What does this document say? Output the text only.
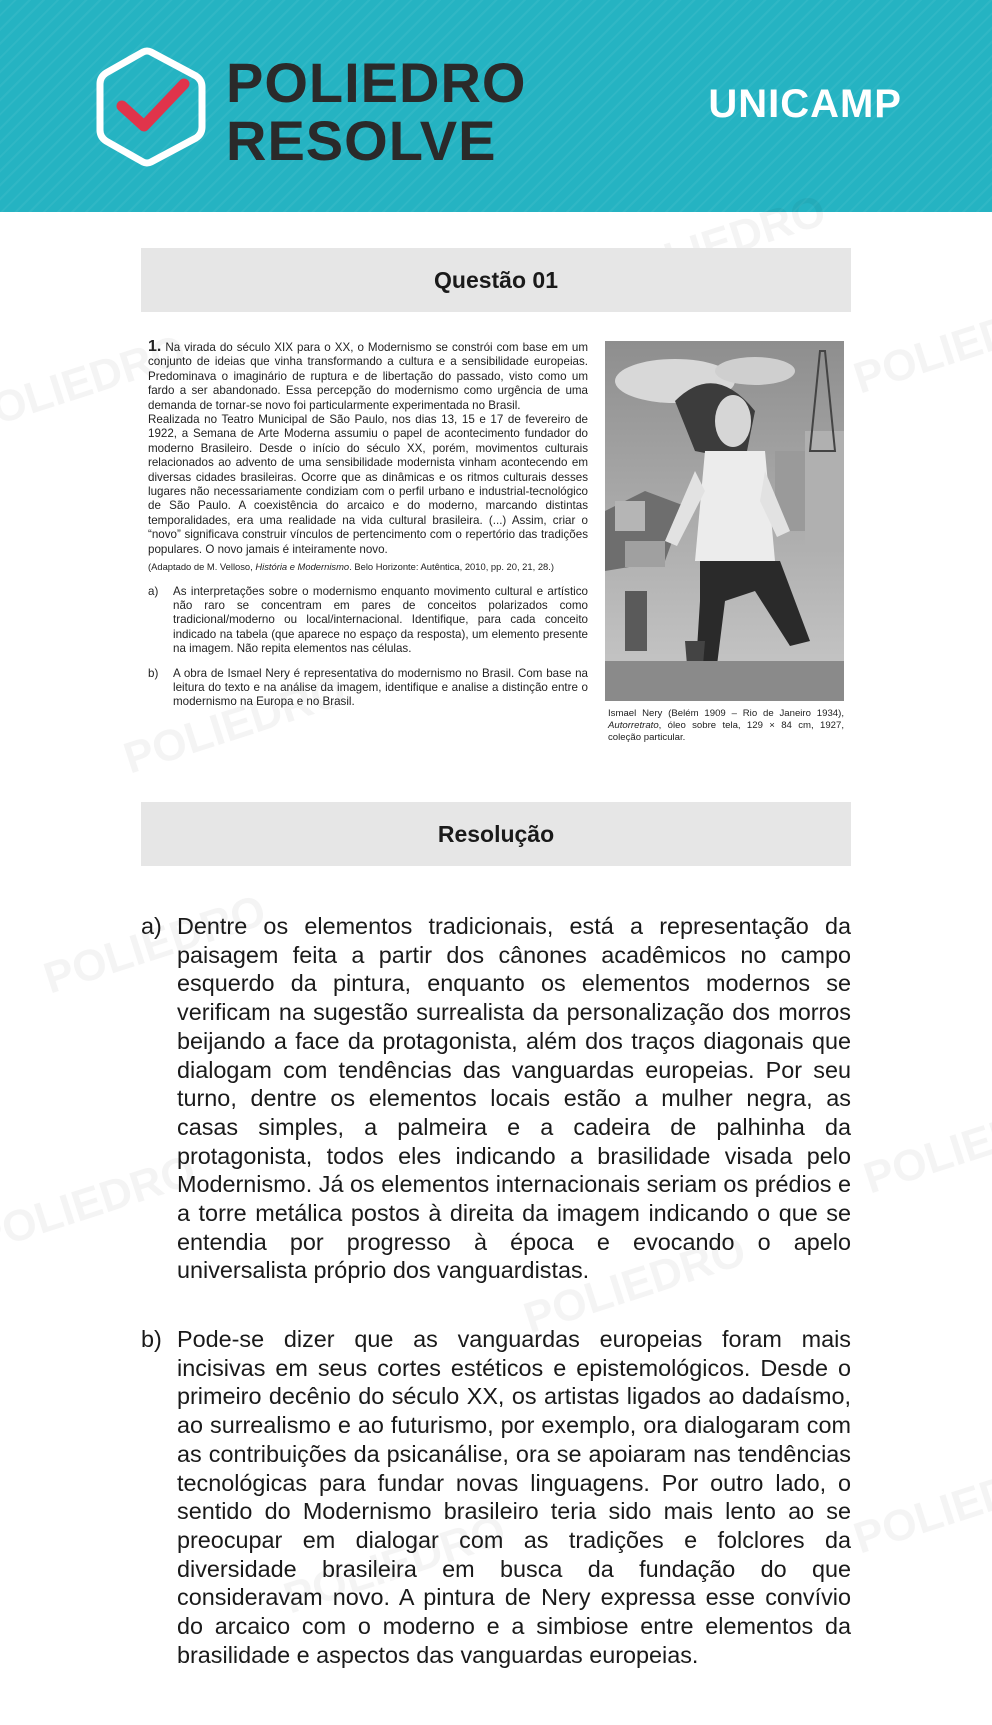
POLIEDRO
RESOLVE
UNICAMP
Questão 01

1. Na virada do século XIX para o XX, o Modernismo se constrói com base em um conjunto de ideias que vinha transformando a cultura e a sensibilidade europeias. Predominava o imaginário de ruptura e de libertação do passado, visto como um fardo a ser abandonado. Essa percepção do modernismo como urgência de uma demanda de tornar-se novo foi particularmente experimentada no Brasil.

Realizada no Teatro Municipal de São Paulo, nos dias 13, 15 e 17 de fevereiro de 1922, a Semana de Arte Moderna assumiu o papel de acontecimento fundador do moderno Brasileiro. Desde o início do século XX, porém, movimentos culturais relacionados ao advento de uma sensibilidade modernista vinham acontecendo em diversas cidades brasileiras. Ocorre que as dinâmicas e os ritmos culturais desses lugares não necessariamente condiziam com o perfil urbano e industrial-tecnológico de São Paulo. A coexistência do arcaico e do moderno, marcando distintas temporalidades, era uma realidade na vida cultural brasileira. (...) Assim, criar o “novo” significava construir vínculos de pertencimento com o repertório das tradições populares. O novo jamais é inteiramente novo.

(Adaptado de M. Velloso, História e Modernismo. Belo Horizonte: Autêntica, 2010, pp. 20, 21, 28.)

a)	As interpretações sobre o modernismo enquanto movimento cultural e artístico não raro se concentram em pares de conceitos polarizados como tradicional/moderno ou local/internacional. Identifique, para cada conceito indicado na tabela (que aparece no espaço da resposta), um elemento presente na imagem. Não repita elementos nas células.
b)	A obra de Ismael Nery é representativa do modernismo no Brasil. Com base na leitura do texto e na análise da imagem, identifique e analise a distinção entre o modernismo na Europa e no Brasil.
Ismael Nery (Belém 1909 – Rio de Janeiro 1934), Autorretrato, óleo sobre tela, 129 × 84 cm, 1927, coleção particular.
Resolução
a) Dentre os elementos tradicionais, está a representação da paisagem feita a partir dos cânones acadêmicos no campo esquerdo da pintura, enquanto os elementos modernos se verificam na sugestão surrealista da personalização dos morros beijando a face da protagonista, além dos traços diagonais que dialogam com tendências das vanguardas europeias. Por seu turno, dentre os elementos locais estão a mulher negra, as casas simples, a palmeira e a cadeira de palhinha da protagonista, todos eles indicando a brasilidade visada pelo Modernismo. Já os elementos internacionais seriam os prédios e a torre metálica postos à direita da imagem indicando o que se entendia por progresso à época e evocando o apelo universalista próprio dos vanguardistas.
b) Pode-se dizer que as vanguardas europeias foram mais incisivas em seus cortes estéticos e epistemológicos. Desde o primeiro decênio do século XX, os artistas ligados ao dadaísmo, ao surrealismo e ao futurismo, por exemplo, ora dialogaram com as contribuições da psicanálise, ora se apoiaram nas tendências tecnológicas para fundar novas linguagens. Por outro lado, o sentido do Modernismo brasileiro teria sido mais lento ao se preocupar em dialogar com as tradições e folclores da diversidade brasileira em busca da fundação do que consideravam novo. A pintura de Nery expressa esse convívio do arcaico com o moderno e a simbiose entre elementos da brasilidade e aspectos das vanguardas europeias.
